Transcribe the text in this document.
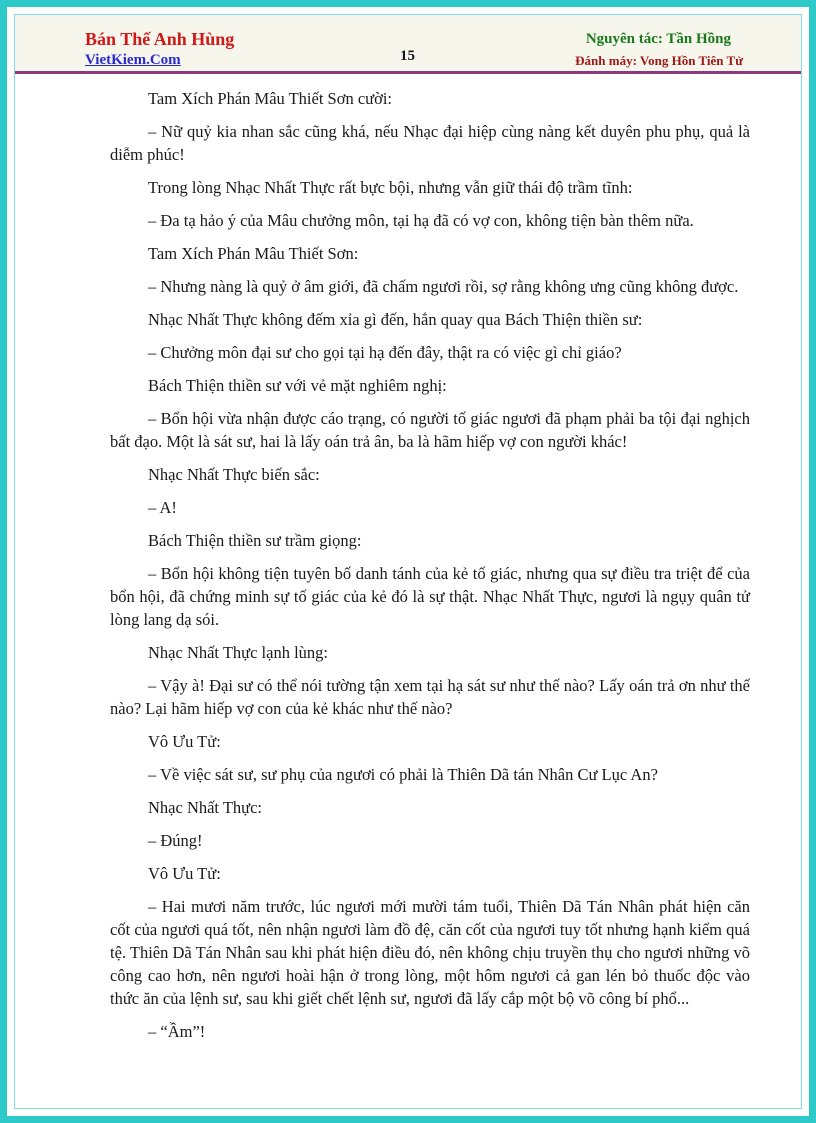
Bán Thế Anh Hùng
VietKiem.Com	15
Nguyên tác: Tần Hồng
Đánh máy: Vong Hồn Tiên Tử

Tam Xích Phán Mâu Thiết Sơn cười:

– Nữ quỷ kia nhan sắc cũng khá, nếu Nhạc đại hiệp cùng nàng kết duyên phu phụ, quả là diễm phúc!

Trong lòng Nhạc Nhất Thực rất bực bội, nhưng vẫn giữ thái độ trầm tĩnh:

– Đa tạ hảo ý của Mâu chưởng môn, tại hạ đã có vợ con, không tiện bàn thêm nữa.

Tam Xích Phán Mâu Thiết Sơn:

– Nhưng nàng là quỷ ở âm giới, đã chấm ngươi rồi, sợ rằng không ưng cũng không được.

Nhạc Nhất Thực không đếm xỉa gì đến, hắn quay qua Bách Thiện thiền sư:

– Chưởng môn đại sư cho gọi tại hạ đến đây, thật ra có việc gì chỉ giáo?

Bách Thiện thiền sư với vẻ mặt nghiêm nghị:

– Bổn hội vừa nhận được cáo trạng, có người tố giác ngươi đã phạm phải ba tội đại nghịch bất đạo. Một là sát sư, hai là lấy oán trả ân, ba là hãm hiếp vợ con người khác!

Nhạc Nhất Thực biến sắc:

– A!

Bách Thiện thiền sư trầm giọng:

– Bổn hội không tiện tuyên bố danh tánh của kẻ tố giác, nhưng qua sự điều tra triệt để của bổn hội, đã chứng minh sự tố giác của kẻ đó là sự thật. Nhạc Nhất Thực, ngươi là ngụy quân tử lòng lang dạ sói.

Nhạc Nhất Thực lạnh lùng:

– Vậy à! Đại sư có thể nói tường tận xem tại hạ sát sư như thế nào? Lấy oán trả ơn như thế nào? Lại hãm hiếp vợ con của kẻ khác như thế nào?

Vô Ưu Tử:

– Về việc sát sư, sư phụ của ngươi có phải là Thiên Dã tán Nhân Cư Lục An?

Nhạc Nhất Thực:

– Đúng!

Vô Ưu Tử:

– Hai mươi năm trước, lúc ngươi mới mười tám tuổi, Thiên Dã Tán Nhân phát hiện căn cốt của ngươi quá tốt, nên nhận ngươi làm đồ đệ, căn cốt của ngươi tuy tốt nhưng hạnh kiểm quá tệ. Thiên Dã Tán Nhân sau khi phát hiện điều đó, nên không chịu truyền thụ cho ngươi những võ công cao hơn, nên ngươi hoài hận ở trong lòng, một hôm ngươi cả gan lén bỏ thuốc độc vào thức ăn của lệnh sư, sau khi giết chết lệnh sư, ngươi đã lấy cắp một bộ võ công bí phổ...

– “Ầm”!
